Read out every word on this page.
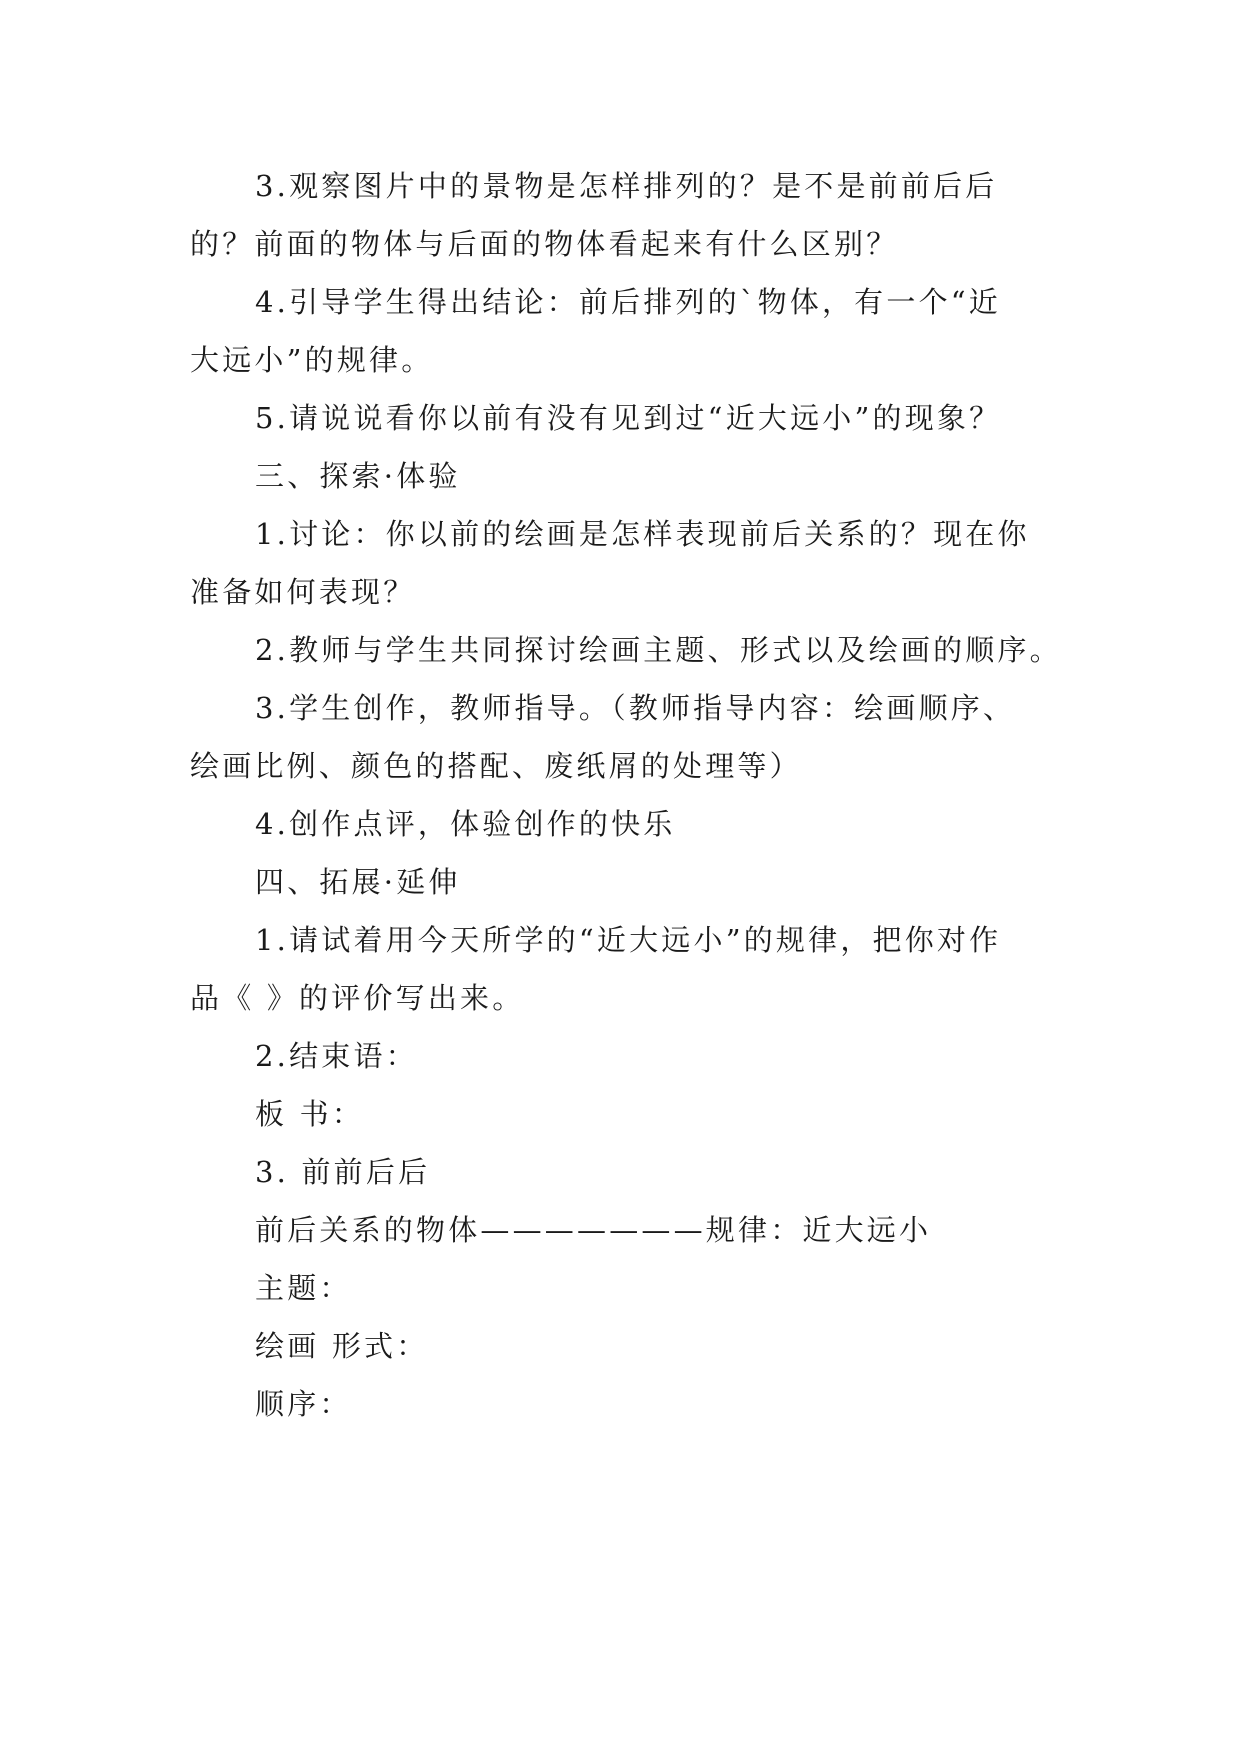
3.观察图片中的景物是怎样排列的？是不是前前后后
的？前面的物体与后面的物体看起来有什么区别？
4.引导学生得出结论：前后排列的`物体，有一个“近
大远小”的规律。
5.请说说看你以前有没有见到过“近大远小”的现象？
三、探索·体验
1.讨论：你以前的绘画是怎样表现前后关系的？现在你
准备如何表现？
2.教师与学生共同探讨绘画主题、形式以及绘画的顺序。
3.学生创作，教师指导。（教师指导内容：绘画顺序、
绘画比例、颜色的搭配、废纸屑的处理等）
4.创作点评，体验创作的快乐
四、拓展·延伸
1.请试着用今天所学的“近大远小”的规律，把你对作
品《 》的评价写出来。
2.结束语：
板 书：
3. 前前后后
前后关系的物体———————规律：近大远小
主题：
绘画 形式：
顺序：
